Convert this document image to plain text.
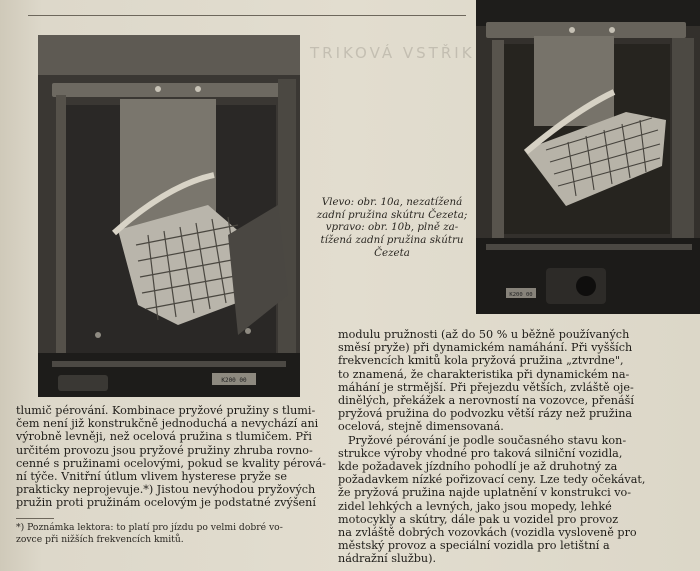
TRIKOVÁ VSTŘIK
K200 00
K200 00
Vlevo: obr. 10a, nezatížená
zadní pružina skútru Čezeta;
vpravo: obr. 10b, plně za-
tížená zadní pružina skútru
Čezeta
tlumič pérování. Kombinace pryžové pružiny s tlumi-
čem není již konstrukčně jednoduchá a nevychází ani
výrobně levněji, než ocelová pružina s tlumičem. Při
určitém provozu jsou pryžové pružiny zhruba rovno-
cenné s pružinami ocelovými, pokud se kvality pérová-
ní týče. Vnitřní útlum vlivem hysterese pryže se
prakticky neprojevuje.*) Jistou nevýhodou pryžových
pružin proti pružinám ocelovým je podstatné zvýšení
modulu pružnosti (až do 50 % u běžně používaných
směsí pryže) při dynamickém namáhání. Při vyšších
frekvencích kmitů kola pryžová pružina „ztvrdne",
to znamená, že charakteristika při dynamickém na-
máhání je strmější. Při přejezdu větších, zvláště oje-
dinělých, překážek a nerovností na vozovce, přenáší
pryžová pružina do podvozku větší rázy než pružina
ocelová, stejně dimensovaná.
Pryžové pérování je podle současného stavu kon-
strukce výroby vhodné pro taková silniční vozidla,
kde požadavek jízdního pohodlí je až druhotný za
požadavkem nízké pořizovací ceny. Lze tedy očekávat,
že pryžová pružina najde uplatnění v konstrukci vo-
zidel lehkých a levných, jako jsou mopedy, lehké
motocykly a skútry, dále pak u vozidel pro provoz
na zvláště dobrých vozovkách (vozidla vysloveně pro
městský provoz a speciální vozidla pro letištní a
nádražní službu).
*) Poznámka lektora: to platí pro jízdu po velmi dobré vo-
zovce při nižších frekvencích kmitů.
